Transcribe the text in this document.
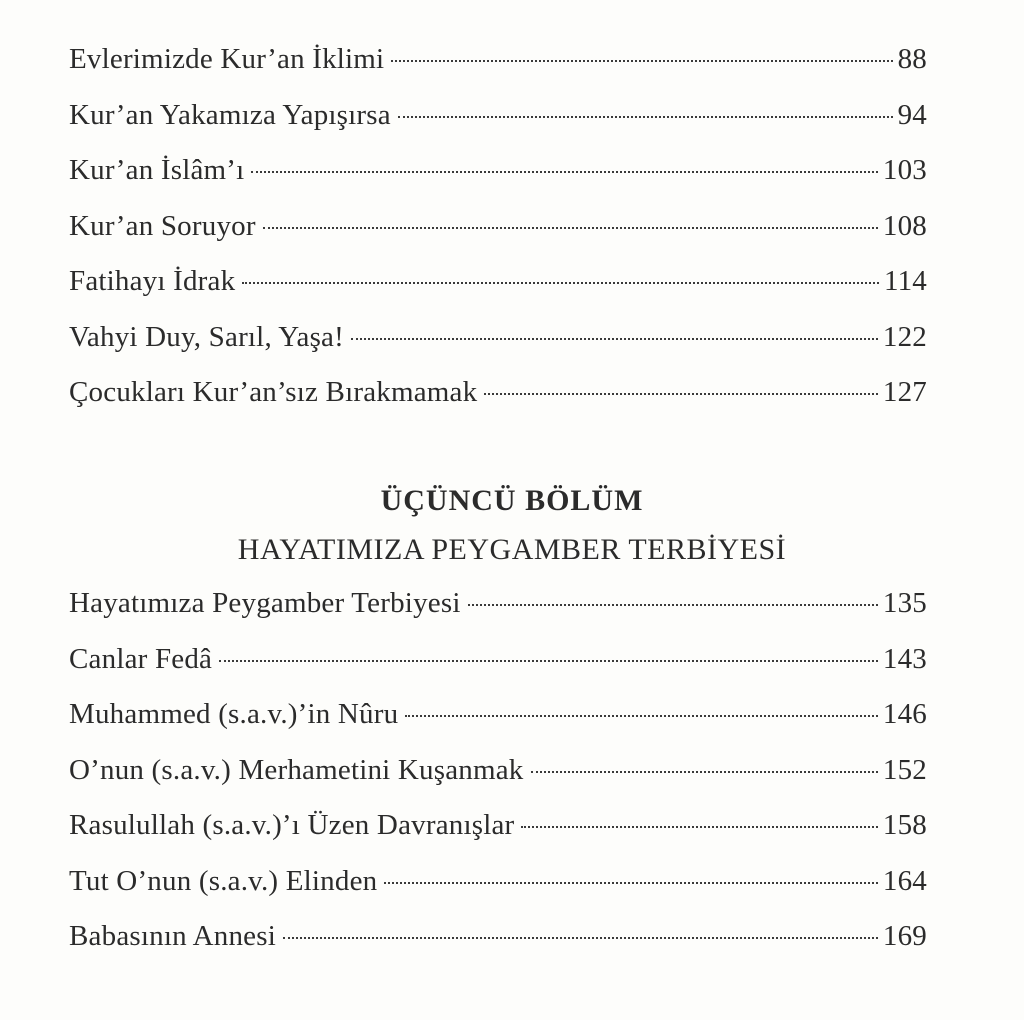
Evlerimizde Kur’an İklimi	88
Kur’an Yakamıza Yapışırsa	94
Kur’an İslâm’ı	103
Kur’an Soruyor	108
Fatihayı İdrak	114
Vahyi Duy, Sarıl, Yaşa!	122
Çocukları Kur’an’sız Bırakmamak	127
ÜÇÜNCÜ BÖLÜM
HAYATIMIZA PEYGAMBER TERBİYESİ
Hayatımıza Peygamber Terbiyesi	135
Canlar Fedâ	143
Muhammed (s.a.v.)’in Nûru	146
O’nun (s.a.v.) Merhametini Kuşanmak	152
Rasulullah (s.a.v.)’ı Üzen Davranışlar	158
Tut O’nun (s.a.v.) Elinden	164
Babasının Annesi	169
